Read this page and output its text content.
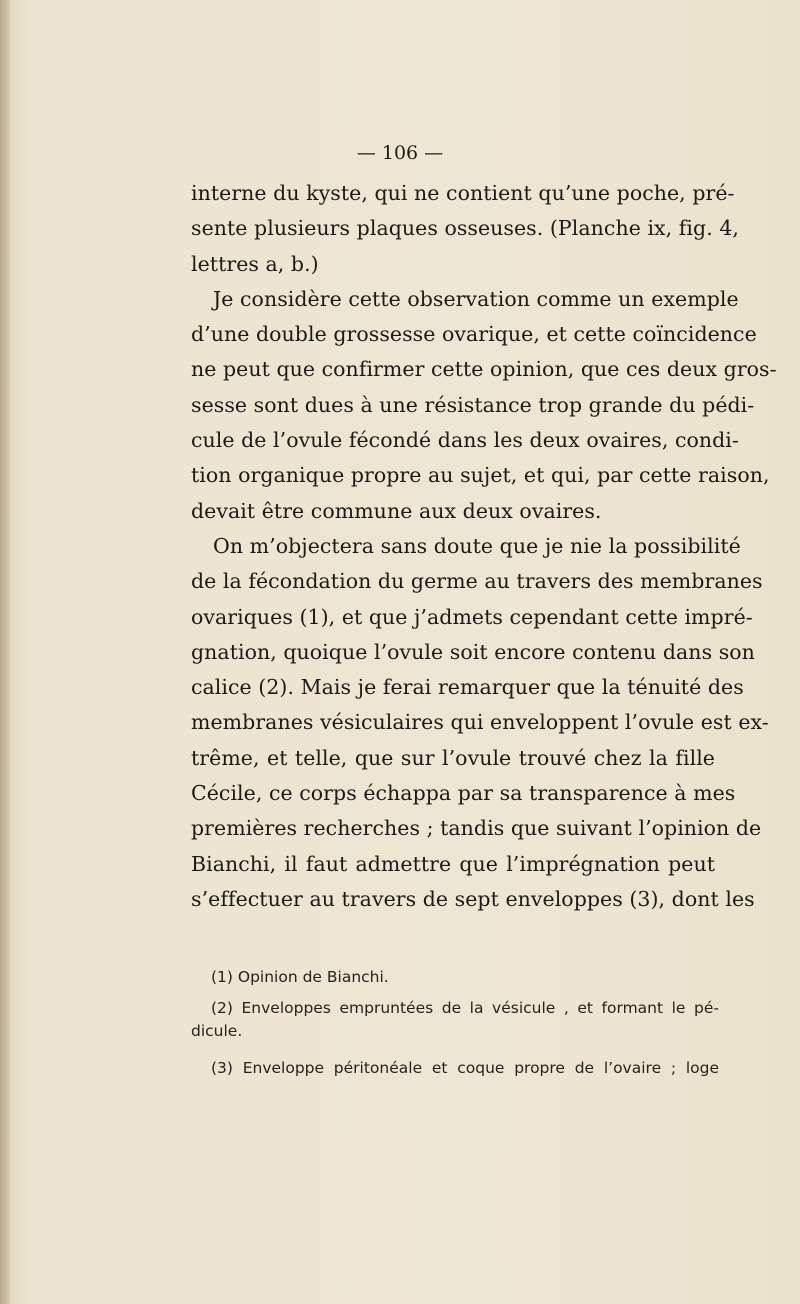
— 106 —
interne du kyste, qui ne contient qu’une poche, pré-
sente plusieurs plaques osseuses. (Planche ix, fig. 4,
lettres a, b.)
Je considère cette observation comme un exemple
d’une double grossesse ovarique, et cette coïncidence
ne peut que confirmer cette opinion, que ces deux gros-
sesse sont dues à une résistance trop grande du pédi-
cule de l’ovule fécondé dans les deux ovaires, condi-
tion organique propre au sujet, et qui, par cette raison,
devait être commune aux deux ovaires.
On m’objectera sans doute que je nie la possibilité
de la fécondation du germe au travers des membranes
ovariques (1), et que j’admets cependant cette impré-
gnation, quoique l’ovule soit encore contenu dans son
calice (2). Mais je ferai remarquer que la ténuité des
membranes vésiculaires qui enveloppent l’ovule est ex-
trême, et telle, que sur l’ovule trouvé chez la fille
Cécile, ce corps échappa par sa transparence à mes
premières recherches ; tandis que suivant l’opinion de
Bianchi, il faut admettre que l’imprégnation peut
s’effectuer au travers de sept enveloppes (3), dont les
(1) Opinion de Bianchi.
(2) Enveloppes empruntées de la vésicule , et formant le pé-
dicule.
(3) Enveloppe péritonéale et coque propre de l’ovaire ; loge
